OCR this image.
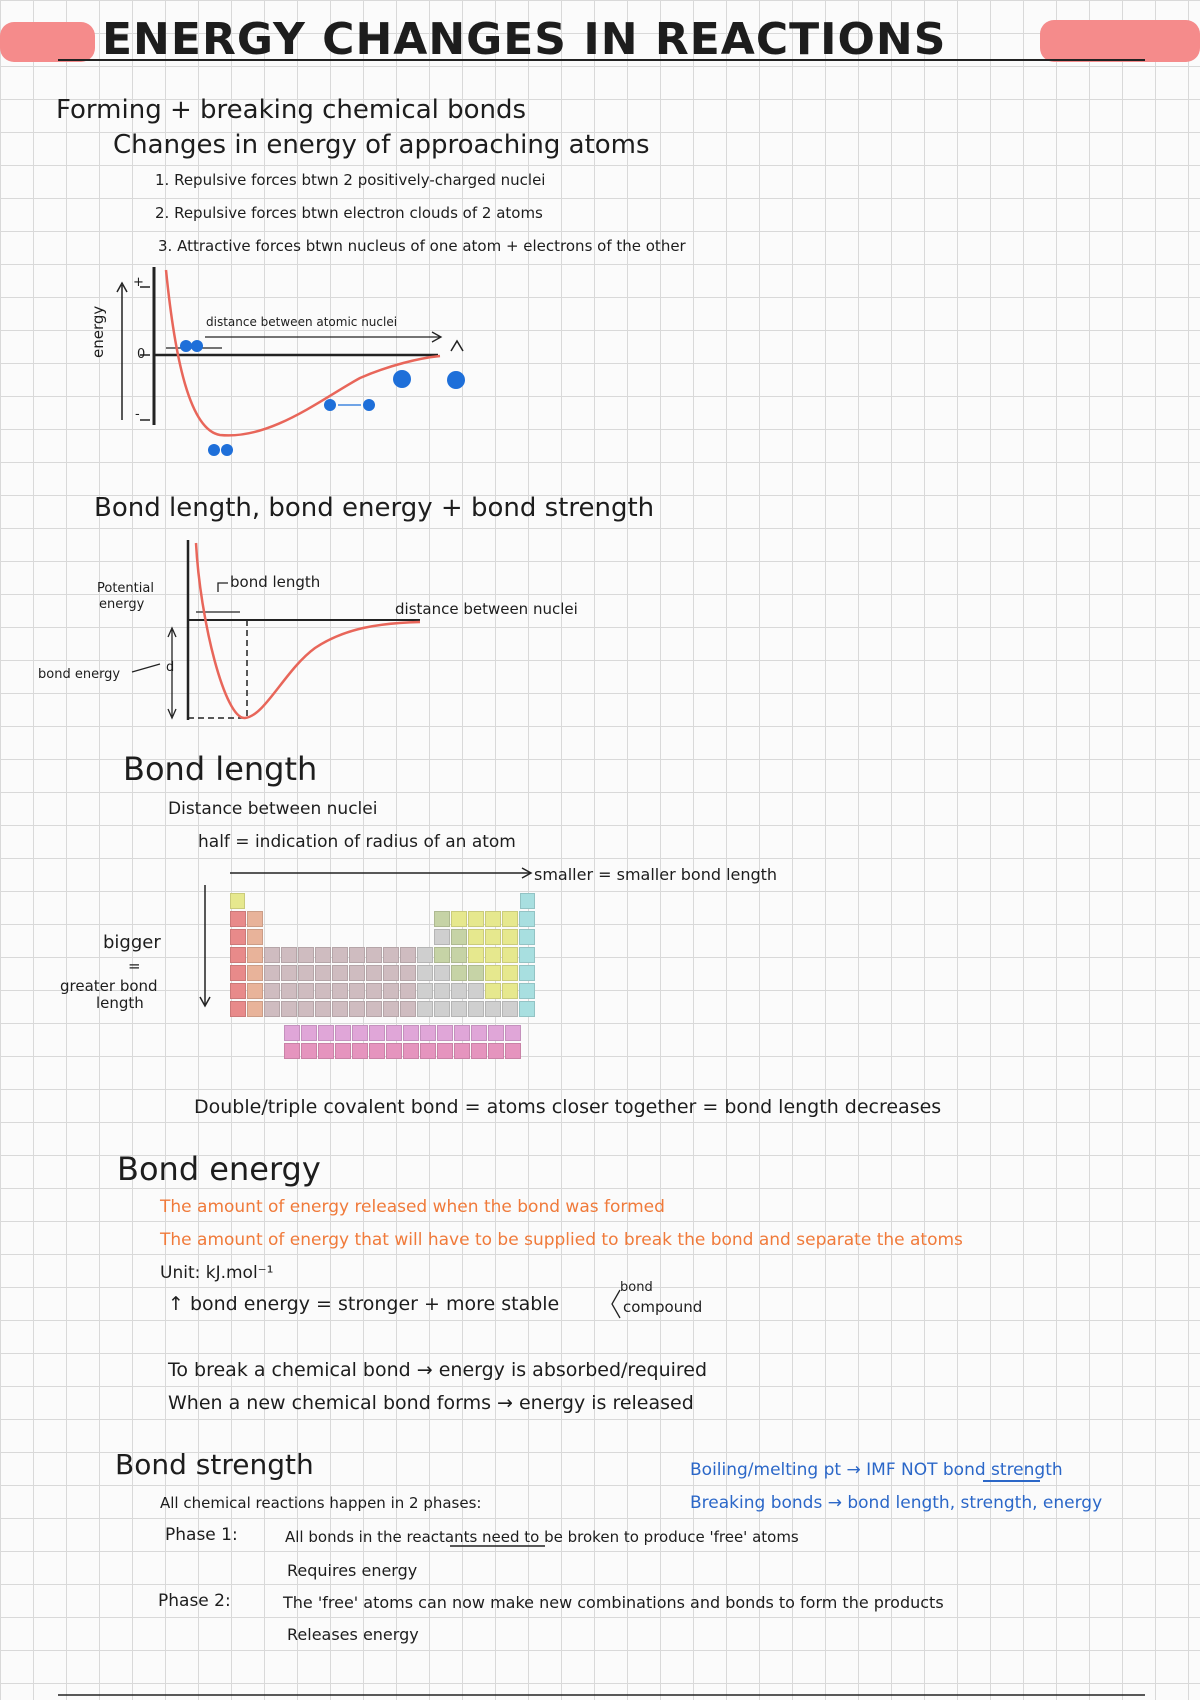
ENERGY CHANGES IN REACTIONS
Forming + breaking chemical bonds
Changes in energy of approaching atoms
1. Repulsive forces btwn 2 positively-charged nuclei
2. Repulsive forces btwn electron clouds of 2 atoms
3. Attractive forces btwn nucleus of one atom + electrons of the other
energy
+
0
-
distance between atomic nuclei
Bond length, bond energy + bond strength
Potential
energy
bond length
distance between nuclei
bond energy	d
Bond length
Distance between nuclei
half = indication of radius of an atom
smaller = smaller bond length
bigger
=
greater bond
length
Double/triple covalent bond = atoms closer together = bond length decreases
Bond energy
The amount of energy released when the bond was formed
The amount of energy that will have to be supplied to break the bond and separate the atoms
Unit: kJ.mol⁻¹
↑ bond energy = stronger + more stable
bond
compound
To break a chemical bond → energy is absorbed/required
When a new chemical bond forms → energy is released
Bond strength	Boiling/melting pt → IMF NOT bond strength
Breaking bonds → bond length, strength, energy
All chemical reactions happen in 2 phases:
Phase 1:	All bonds in the reactants need to be broken to produce 'free' atoms
Requires energy
Phase 2:	The 'free' atoms can now make new combinations and bonds to form the products
Releases energy
